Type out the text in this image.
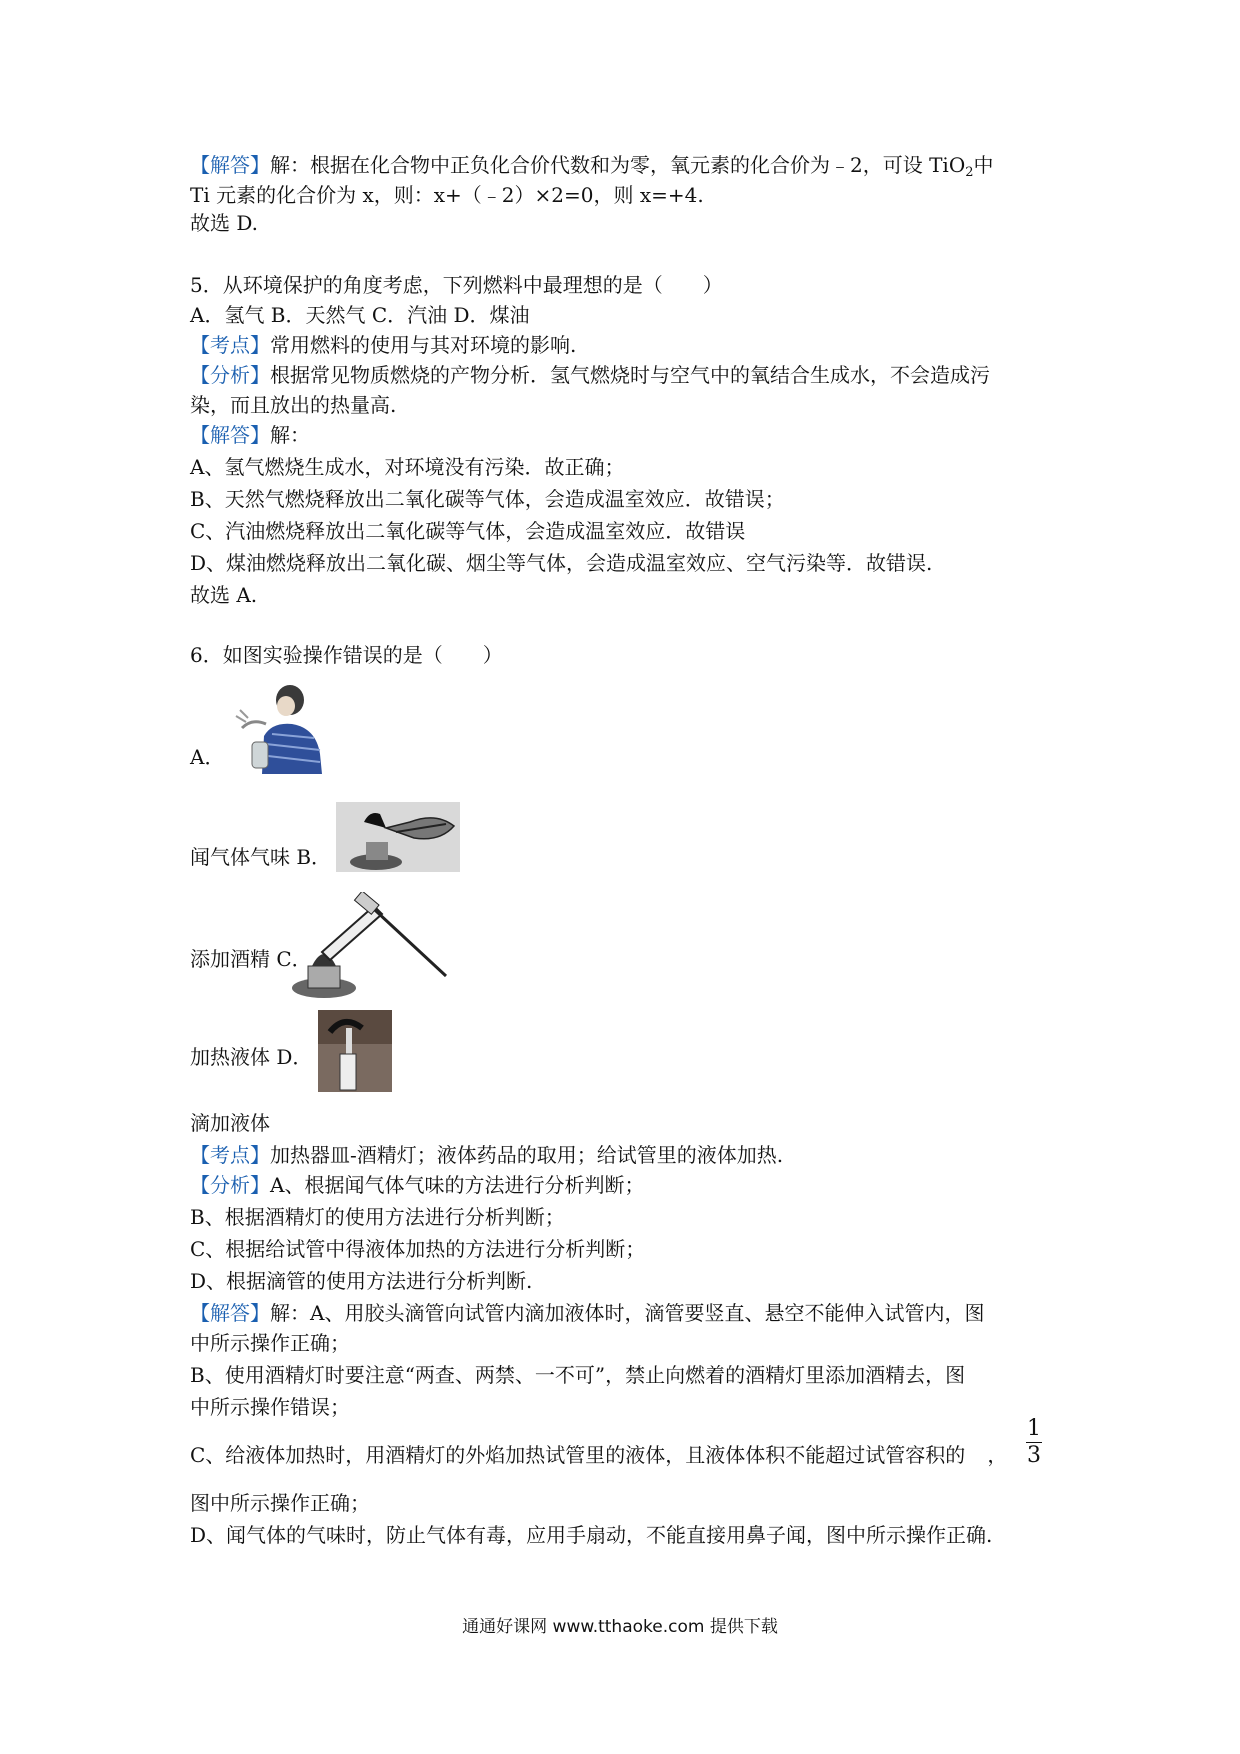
【解答】解：根据在化合物中正负化合价代数和为零，氧元素的化合价为﹣2，可设 TiO$_2$中
Ti 元素的化合价为 x，则：x+（﹣2）×2=0，则 x=+4.
故选 D.
5．从环境保护的角度考虑，下列燃料中最理想的是（　　）
A．氢气 B．天然气 C．汽油 D．煤油
【考点】常用燃料的使用与其对环境的影响.
【分析】根据常见物质燃烧的产物分析．氢气燃烧时与空气中的氧结合生成水，不会造成污
染，而且放出的热量高.
【解答】解：
A、氢气燃烧生成水，对环境没有污染．故正确；
B、天然气燃烧释放出二氧化碳等气体，会造成温室效应．故错误；
C、汽油燃烧释放出二氧化碳等气体，会造成温室效应．故错误
D、煤油燃烧释放出二氧化碳、烟尘等气体，会造成温室效应、空气污染等．故错误.
故选 A.
6．如图实验操作错误的是（　　）
A．
闻气体气味 B．
添加酒精 C．
加热液体 D．
滴加液体
【考点】加热器皿-酒精灯；液体药品的取用；给试管里的液体加热.
【分析】A、根据闻气体气味的方法进行分析判断；
B、根据酒精灯的使用方法进行分析判断；
C、根据给试管中得液体加热的方法进行分析判断；
D、根据滴管的使用方法进行分析判断.
【解答】解：A、用胶头滴管向试管内滴加液体时，滴管要竖直、悬空不能伸入试管内，图
中所示操作正确；
B、使用酒精灯时要注意“两查、两禁、一不可”，禁止向燃着的酒精灯里添加酒精去，图
中所示操作错误；
C、给液体加热时，用酒精灯的外焰加热试管里的液体，且液体体积不能超过试管容积的 ，
1
3
图中所示操作正确；
D、闻气体的气味时，防止气体有毒，应用手扇动，不能直接用鼻子闻，图中所示操作正确.
通通好课网 www.tthaoke.com 提供下载
